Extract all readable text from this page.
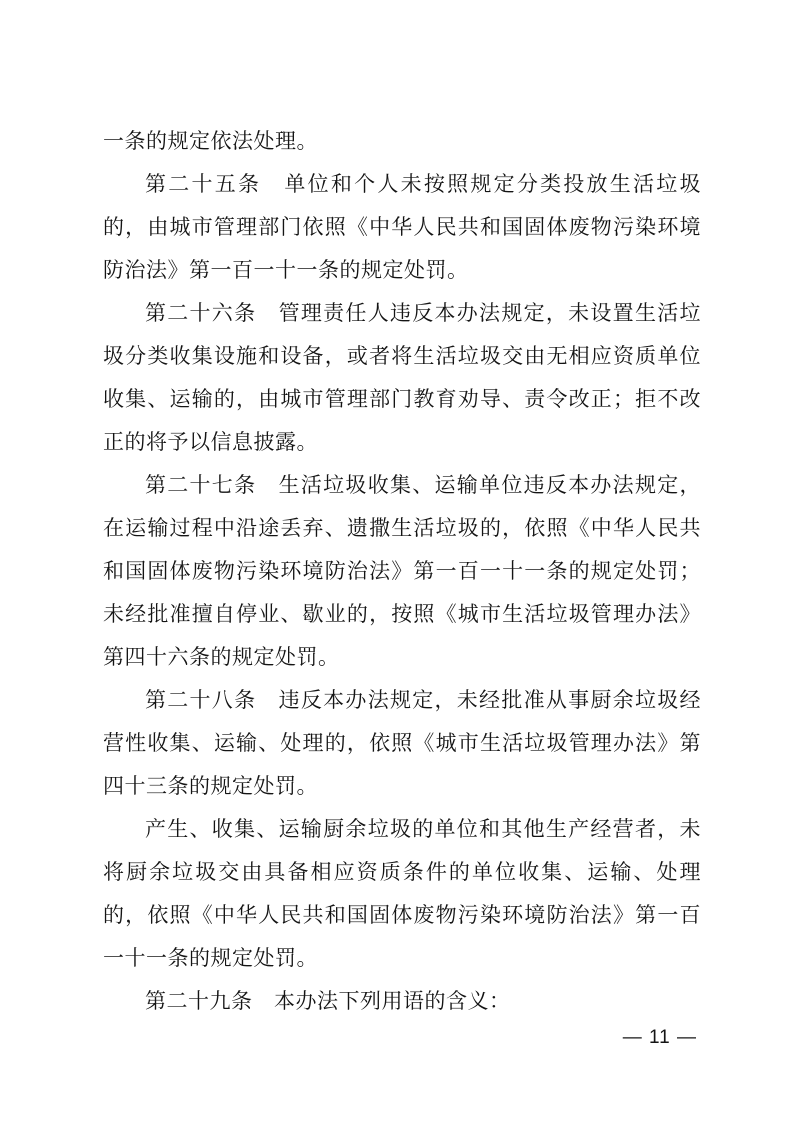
一条的规定依法处理。

第二十五条　单位和个人未按照规定分类投放生活垃圾的，由城市管理部门依照《中华人民共和国固体废物污染环境防治法》第一百一十一条的规定处罚。

第二十六条　管理责任人违反本办法规定，未设置生活垃圾分类收集设施和设备，或者将生活垃圾交由无相应资质单位收集、运输的，由城市管理部门教育劝导、责令改正；拒不改正的将予以信息披露。

第二十七条　生活垃圾收集、运输单位违反本办法规定，在运输过程中沿途丢弃、遗撒生活垃圾的，依照《中华人民共和国固体废物污染环境防治法》第一百一十一条的规定处罚；未经批准擅自停业、歇业的，按照《城市生活垃圾管理办法》第四十六条的规定处罚。

第二十八条　违反本办法规定，未经批准从事厨余垃圾经营性收集、运输、处理的，依照《城市生活垃圾管理办法》第四十三条的规定处罚。

产生、收集、运输厨余垃圾的单位和其他生产经营者，未将厨余垃圾交由具备相应资质条件的单位收集、运输、处理的，依照《中华人民共和国固体废物污染环境防治法》第一百一十一条的规定处罚。

第二十九条　本办法下列用语的含义：

— 11 —
